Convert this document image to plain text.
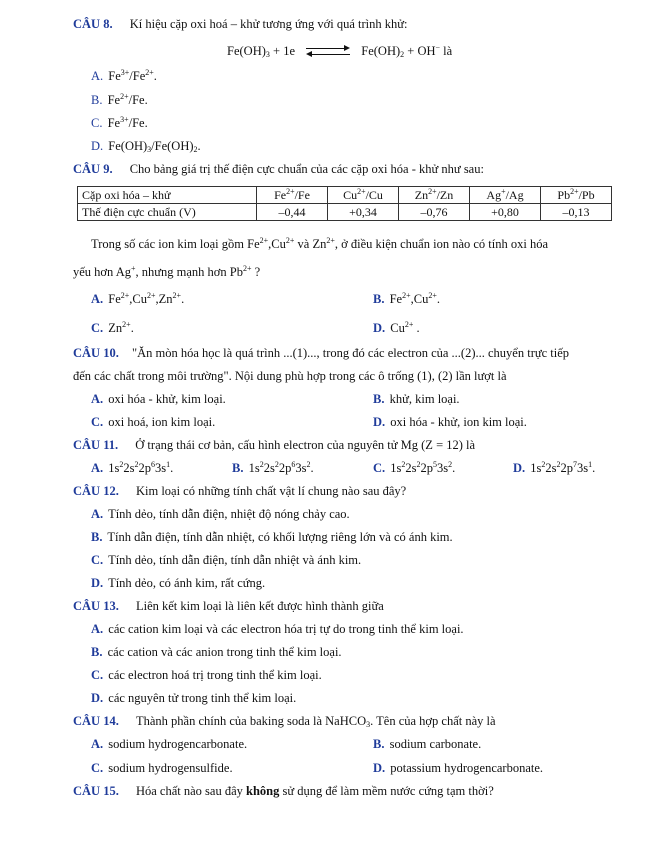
CÂU 8. Kí hiệu cặp oxi hoá – khử tương ứng với quá trình khử:
$Fe(OH)_3 + 1e$ ⇌ $Fe(OH)_2 + OH^-$ là
A. $Fe^{3+}/Fe^{2+}$.
B. $Fe^{2+}/Fe$.
C. $Fe^{3+}/Fe$.
D. $Fe(OH)_3/Fe(OH)_2$.
CÂU 9. Cho bảng giá trị thế điện cực chuẩn của các cặp oxi hóa - khử như sau:
Cặp oxi hóa – khử	$Fe^{2+}/Fe$	$Cu^{2+}/Cu$	$Zn^{2+}/Zn$	Ag+/Ag	$Pb^{2+}/Pb$
Thế điện cực chuẩn (V)	–0,44	+0,34	–0,76	+0,80	–0,13
Trong số các ion kim loại gồm $Fe^{2+},Cu^{2+}$ và $Zn^{2+}$, ở điều kiện chuẩn ion nào có tính oxi hóa
yếu hơn Ag+, nhưng mạnh hơn $Pb^{2+}$ ?
A. $Fe^{2+},Cu^{2+},Zn^{2+}$.	B. $Fe^{2+},Cu^{2+}$.
C. $Zn^{2+}$.	D. $Cu^{2+}$ .
CÂU 10. "Ăn mòn hóa học là quá trình ...(1)..., trong đó các electron của ...(2)... chuyển trực tiếp
đến các chất trong môi trường". Nội dung phù hợp trong các ô trống (1), (2) lần lượt là
A. oxi hóa - khử, kim loại.	B. khử, kim loại.
C. oxi hoá, ion kim loại.	D. oxi hóa - khử, ion kim loại.
CÂU 11. Ở trạng thái cơ bản, cấu hình electron của nguyên tử Mg (Z = 12) là
A. $1s^22s^22p^63s^1$.	B. $1s^22s^22p^63s^2$.	C. $1s^22s^22p^53s^2$.	D. $1s^22s^22p^73s^1$.
CÂU 12. Kim loại có những tính chất vật lí chung nào sau đây?
A. Tính dẻo, tính dẫn điện, nhiệt độ nóng chảy cao.
B. Tính dẫn điện, tính dẫn nhiệt, có khối lượng riêng lớn và có ánh kim.
C. Tính dẻo, tính dẫn điện, tính dẫn nhiệt và ánh kim.
D. Tính dẻo, có ánh kim, rất cứng.
CÂU 13. Liên kết kim loại là liên kết được hình thành giữa
A. các cation kim loại và các electron hóa trị tự do trong tinh thể kim loại.
B. các cation và các anion trong tinh thể kim loại.
C. các electron hoá trị trong tinh thể kim loại.
D. các nguyên tử trong tinh thể kim loại.
CÂU 14. Thành phần chính của baking soda là NaHCO$_3$. Tên của hợp chất này là
A. sodium hydrogencarbonate.	B. sodium carbonate.
C. sodium hydrogensulfide.	D. potassium hydrogencarbonate.
CÂU 15. Hóa chất nào sau đây không sử dụng để làm mềm nước cứng tạm thời?
